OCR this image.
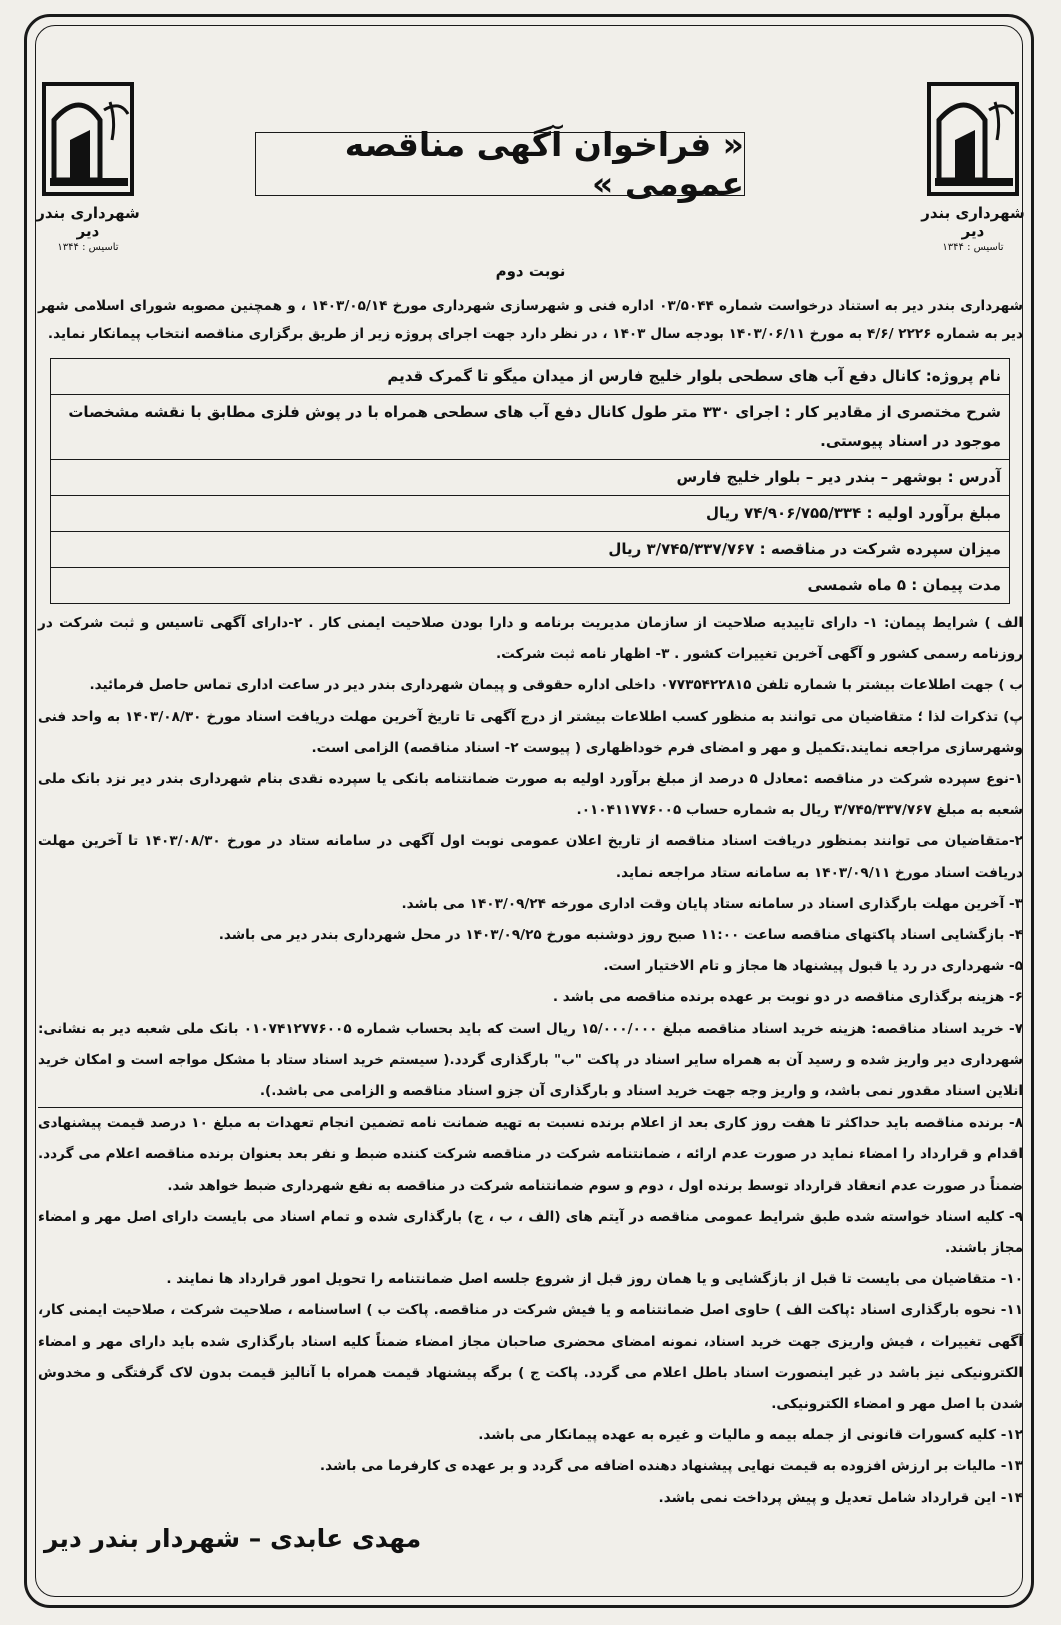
شهرداری بندر دیر
تاسیس : ۱۳۴۴
شهرداری بندر دیر
تاسیس : ۱۳۴۴
« فراخوان آگهی مناقصه عمومی »
نوبت دوم
شهرداری بندر دیر به استناد درخواست شماره ۰۳/۵۰۴۴ اداره فنی و شهرسازی شهرداری مورخ ۱۴۰۳/۰۵/۱۴ ، و همچنین مصوبه شورای اسلامی شهر دیر به شماره ۲۲۲۶ /۴/۶ به مورخ ۱۴۰۳/۰۶/۱۱ بودجه سال ۱۴۰۳ ، در نظر دارد جهت اجرای پروژه زیر از طریق برگزاری مناقصه انتخاب پیمانکار نماید.
نام پروژه: کانال دفع آب های سطحی بلوار خلیج فارس از میدان میگو تا گمرک قدیم
شرح مختصری از مقادیر کار : اجرای ۳۳۰ متر طول کانال دفع آب های سطحی همراه با در پوش فلزی مطابق با نقشه مشخصات موجود در اسناد پیوستی.
آدرس : بوشهر – بندر دیر – بلوار خلیج فارس
مبلغ برآورد اولیه : ۷۴/۹۰۶/۷۵۵/۳۳۴ ریال
میزان سپرده شرکت در مناقصه : ۳/۷۴۵/۳۳۷/۷۶۷ ریال
مدت پیمان : ۵ ماه شمسی

الف ) شرایط پیمان: ۱- دارای تاییدیه صلاحیت از سازمان مدیریت برنامه و دارا بودن صلاحیت ایمنی کار . ۲-دارای آگهی تاسیس و ثبت شرکت در روزنامه رسمی کشور و آگهی آخرین تغییرات کشور . ۳- اظهار نامه ثبت شرکت.

ب ) جهت اطلاعات بیشتر با شماره تلفن ۰۷۷۳۵۴۲۲۸۱۵ داخلی اداره حقوقی و پیمان شهرداری بندر دیر در ساعت اداری تماس حاصل فرمائید.

پ) تذکرات لذا ؛ متقاضیان می توانند به منظور کسب اطلاعات بیشتر از درج آگهی تا تاریخ آخرین مهلت دریافت اسناد مورخ ۱۴۰۳/۰۸/۳۰ به واحد فنی وشهرسازی مراجعه نمایند.تکمیل و مهر و امضای فرم خوداظهاری ( پیوست ۲- اسناد مناقصه) الزامی است.

۱-نوع سپرده شرکت در مناقصه :معادل ۵ درصد از مبلغ برآورد اولیه به صورت ضمانتنامه بانکی یا سپرده نقدی بنام شهرداری بندر دیر نزد بانک ملی شعبه به مبلغ ۳/۷۴۵/۳۳۷/۷۶۷ ریال به شماره حساب ۰۱۰۴۱۱۷۷۶۰۰۵.

۲-متقاضیان می توانند بمنظور دریافت اسناد مناقصه از تاریخ اعلان عمومی نوبت اول آگهی در سامانه ستاد در مورخ ۱۴۰۳/۰۸/۳۰ تا آخرین مهلت دریافت اسناد مورخ ۱۴۰۳/۰۹/۱۱ به سامانه ستاد مراجعه نماید.

۳- آخرین مهلت بارگذاری اسناد در سامانه ستاد پایان وقت اداری مورخه ۱۴۰۳/۰۹/۲۴ می باشد.

۴- بازگشایی اسناد پاکتهای مناقصه ساعت ۱۱:۰۰ صبح روز دوشنبه مورخ ۱۴۰۳/۰۹/۲۵ در محل شهرداری بندر دیر می باشد.

۵- شهرداری در رد یا قبول پیشنهاد ها مجاز و تام الاختیار است.

۶- هزینه برگذاری مناقصه در دو نوبت بر عهده برنده مناقصه می باشد .

۷- خرید اسناد مناقصه: هزینه خرید اسناد مناقصه مبلغ ۱۵/۰۰۰/۰۰۰ ریال است که باید بحساب شماره ۰۱۰۷۴۱۲۷۷۶۰۰۵ بانک ملی شعبه دیر به نشانی: شهرداری دیر واریز شده و رسید آن به همراه سایر اسناد در پاکت "ب" بارگذاری گردد.( سیستم خرید اسناد ستاد با مشکل مواجه است و امکان خرید انلاین اسناد مقدور نمی باشد، و واریز وجه جهت خرید اسناد و بارگذاری آن جزو اسناد مناقصه و الزامی می باشد.).

۸- برنده مناقصه باید حداکثر تا هفت روز کاری بعد از اعلام برنده نسبت به تهیه ضمانت نامه تضمین انجام تعهدات به مبلغ ۱۰ درصد قیمت پیشنهادی اقدام و قرارداد را امضاء نماید در صورت عدم ارائه ، ضمانتنامه شرکت در مناقصه شرکت کننده ضبط و نفر بعد بعنوان برنده مناقصه اعلام می گردد. ضمناً در صورت عدم انعقاد قرارداد توسط برنده اول ، دوم و سوم ضمانتنامه شرکت در مناقصه به نفع شهرداری ضبط خواهد شد.

۹- کلیه اسناد خواسته شده طبق شرایط عمومی مناقصه در آیتم های (الف ، ب ، ج) بارگذاری شده و تمام اسناد می بایست دارای اصل مهر و امضاء مجاز باشند.

۱۰- متقاضیان می بایست تا قبل از بازگشایی و یا همان روز قبل از شروع جلسه اصل ضمانتنامه را تحویل امور قرارداد ها نمایند .

۱۱- نحوه بارگذاری اسناد :پاکت الف ) حاوی اصل ضمانتنامه و یا فیش شرکت در مناقصه. پاکت ب ) اساسنامه ، صلاحیت شرکت ، صلاحیت ایمنی کار، آگهی تغییرات ، فیش واریزی جهت خرید اسناد، نمونه امضای محضری صاحبان مجاز امضاء ضمناً کلیه اسناد بارگذاری شده باید دارای مهر و امضاء الکترونیکی نیز باشد در غیر اینصورت اسناد باطل اعلام می گردد. پاکت ج ) برگه پیشنهاد قیمت همراه با آنالیز قیمت بدون لاک گرفتگی و مخدوش شدن با اصل مهر و امضاء الکترونیکی.

۱۲- کلیه کسورات قانونی از جمله بیمه و مالیات و غیره به عهده پیمانکار می باشد.

۱۳- مالیات بر ارزش افزوده به قیمت نهایی پیشنهاد دهنده اضافه می گردد و بر عهده ی کارفرما می باشد.

۱۴- این قرارداد شامل تعدیل و پیش پرداخت نمی باشد.

مهدی عابدی – شهردار بندر دیر
